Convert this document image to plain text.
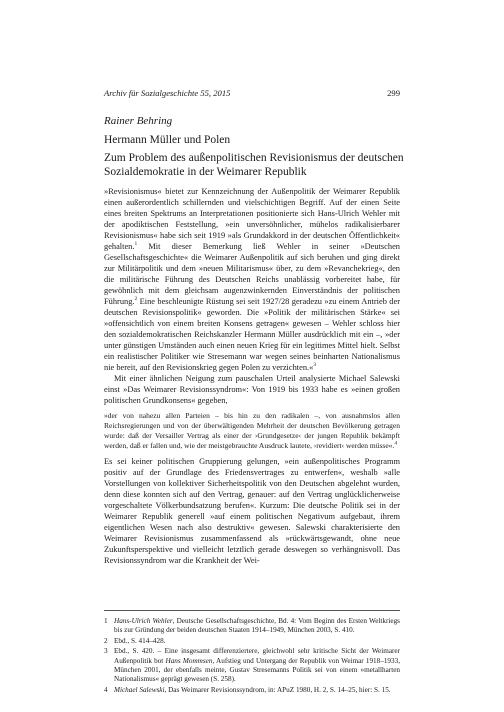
Archiv für Sozialgeschichte 55, 2015	299
Rainer Behring
Hermann Müller und Polen
Zum Problem des außenpolitischen Revisionismus der deutschen Sozialdemokratie in der Weimarer Republik

»Revisionismus« bietet zur Kennzeichnung der Außenpolitik der Weimarer Republik einen außerordentlich schillernden und vielschichtigen Begriff. Auf der einen Seite eines breiten Spektrums an Interpretationen positionierte sich Hans-Ulrich Wehler mit der apodiktischen Feststellung, »ein unversöhnlicher, mühelos radikalisierbarer Revisionismus« habe sich seit 1919 »als Grundakkord in der deutschen Öffentlichkeit« gehalten.$^1$ Mit dieser Bemerkung ließ Wehler in seiner »Deutschen Gesellschaftsgeschichte« die Weimarer Außenpolitik auf sich beruhen und ging direkt zur Militärpolitik und dem »neuen Militarismus« über, zu dem »Revanchekrieg«, den die militärische Führung des Deutschen Reichs unablässig vorbereitet habe, für gewöhnlich mit dem gleichsam augenzwinkernden Einverständnis der politischen Führung.$^2$ Eine beschleunigte Rüstung sei seit 1927/28 geradezu »zu einem Antrieb der deutschen Revisionspolitik« geworden. Die »Politik der militärischen Stärke« sei »offensichtlich von einem breiten Konsens getragen« gewesen – Wehler schloss hier den sozialdemokratischen Reichskanzler Hermann Müller ausdrücklich mit ein –, »der unter günstigen Umständen auch einen neuen Krieg für ein legitimes Mittel hielt. Selbst ein realistischer Politiker wie Stresemann war wegen seines beinharten Nationalismus nie bereit, auf den Revisionskrieg gegen Polen zu verzichten.«$^3$

Mit einer ähnlichen Neigung zum pauschalen Urteil analysierte Michael Salewski einst »Das Weimarer Revisionssyndrom«: Von 1919 bis 1933 habe es »einen großen politischen Grundkonsens« gegeben,

»der von nahezu allen Parteien – bis hin zu den radikalen –, von ausnahmslos allen Reichsregierungen und von der überwältigenden Mehrheit der deutschen Bevölkerung getragen wurde: daß der Versailler Vertrag als einer der ›Grundgesetze‹ der jungen Republik bekämpft werden, daß er fallen und, wie der meistgebrauchte Ausdruck lautete, ›revidiert‹ werden müsse«.$^4$

Es sei keiner politischen Gruppierung gelungen, »ein außenpolitisches Programm positiv auf der Grundlage des Friedensvertrages zu entwerfen«, weshalb »alle Vorstellungen von kollektiver Sicherheitspolitik von den Deutschen abgelehnt wurden, denn diese konnten sich auf den Vertrag, genauer: auf den Vertrag unglücklicherweise vorgeschaltete Völkerbundsatzung berufen«. Kurzum: Die deutsche Politik sei in der Weimarer Republik generell »auf einem politischen Negativum aufgebaut, ihrem eigentlichen Wesen nach also destruktiv« gewesen. Salewski charakterisierte den Weimarer Revisionismus zusammenfassend als »rückwärtsgewandt, ohne neue Zukunftsperspektive und vielleicht letztlich gerade deswegen so verhängnisvoll. Das Revisionssyndrom war die Krankheit der Wei-

1 Hans-Ulrich Wehler, Deutsche Gesellschaftsgeschichte, Bd. 4: Vom Beginn des Ersten Weltkriegs bis zur Gründung der beiden deutschen Staaten 1914–1949, München 2003, S. 410.
2 Ebd., S. 414–428.
3 Ebd., S. 420. – Eine insgesamt differenziertere, gleichwohl sehr kritische Sicht der Weimarer Außenpolitik bot Hans Mommsen, Aufstieg und Untergang der Republik von Weimar 1918–1933, München 2001, der ebenfalls meinte, Gustav Stresemanns Politik sei von einem »metallharten Nationalismus« geprägt gewesen (S. 258).
4 Michael Salewski, Das Weimarer Revisionssyndrom, in: APuZ 1980, H. 2, S. 14–25, hier: S. 15.
